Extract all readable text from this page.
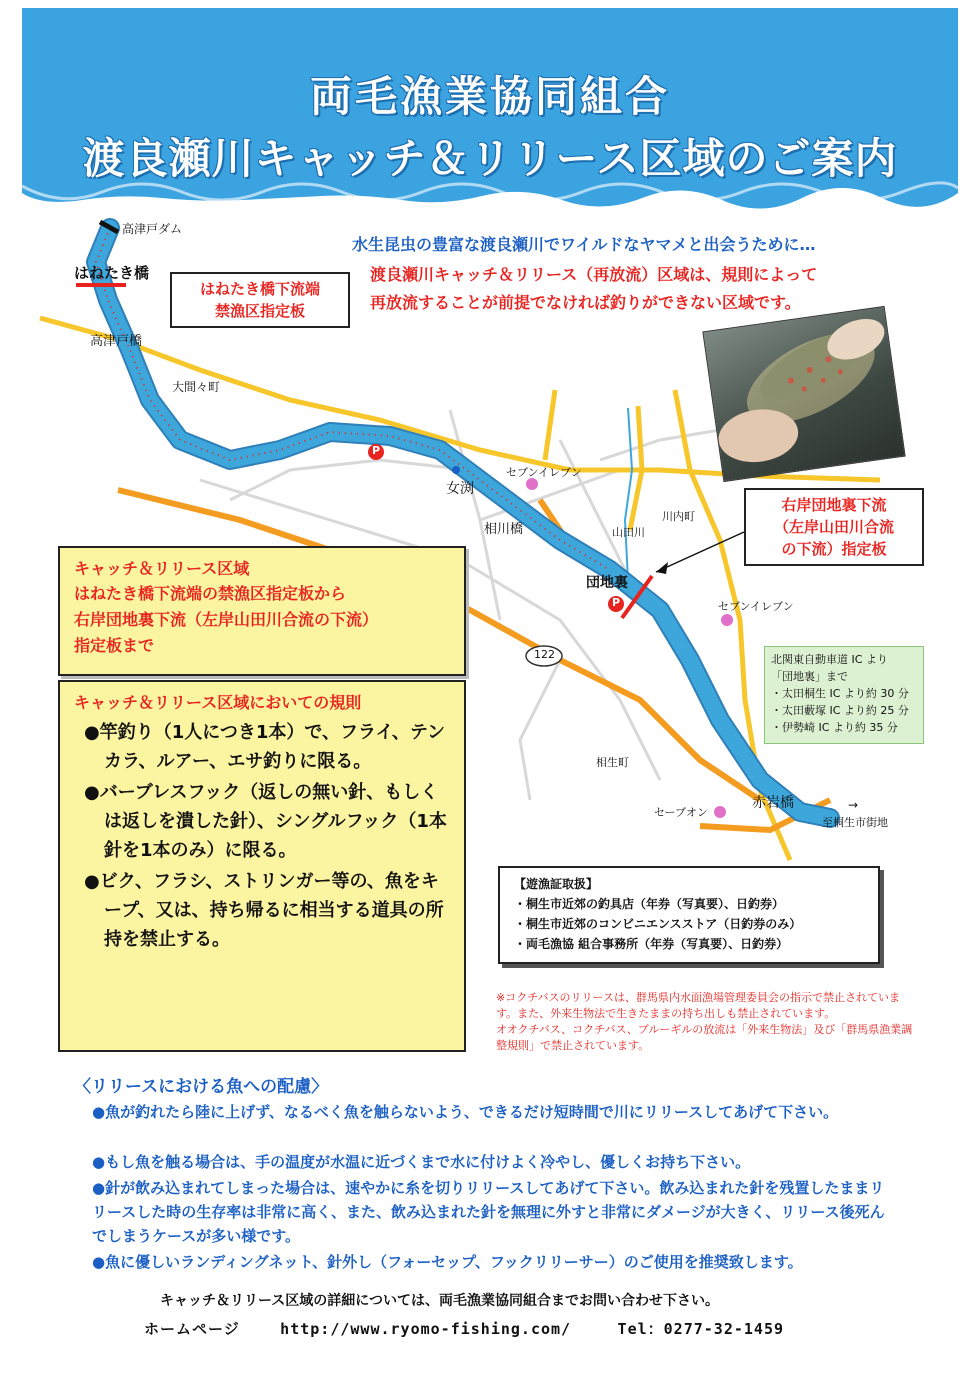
両毛漁業協同組合
渡良瀬川キャッチ＆リリース区域のご案内
水生昆虫の豊富な渡良瀬川でワイルドなヤマメと出会うために…
渡良瀬川キャッチ＆リリース（再放流）区域は、規則によって
再放流することが前提でなければ釣りができない区域です。
P
P
122
高津戸ダム
はねたき橋
高津戸橋
大間々町
女渕
セブンイレブン
相川橋	山田川
川内町
団地裏
セブンイレブン
相生町
セーブオン
赤岩橋	→
至桐生市街地
はねたき橋下流端
禁漁区指定板
右岸団地裏下流
（左岸山田川合流
の下流）指定板
北関東自動車道 IC より
「団地裏」まで
・太田桐生 IC より約 30 分
・太田藪塚 IC より約 25 分
・伊勢崎 IC より約 35 分
キャッチ＆リリース区域
はねたき橋下流端の禁漁区指定板から
右岸団地裏下流（左岸山田川合流の下流）
指定板まで
キャッチ＆リリース区域においての規則
●竿釣り（1人につき1本）で、フライ、テンカラ、ルアー、エサ釣りに限る。
●バーブレスフック（返しの無い針、もしくは返しを潰した針）、シングルフック（1本針を1本のみ）に限る。
●ビク、フラシ、ストリンガー等の、魚をキープ、又は、持ち帰るに相当する道具の所持を禁止する。
【遊漁証取扱】
・桐生市近郊の釣具店（年券（写真要）、日釣券）
・桐生市近郊のコンビニエンスストア（日釣券のみ）
・両毛漁協 組合事務所（年券（写真要）、日釣券）
※コクチバスのリリースは、群馬県内水面漁場管理委員会の指示で禁止されています。また、外来生物法で生きたままの持ち出しも禁止されています。
オオクチバス、コクチバス、ブルーギルの放流は「外来生物法」及び「群馬県漁業調整規則」で禁止されています。
〈リリースにおける魚への配慮〉
●魚が釣れたら陸に上げず、なるべく魚を触らないよう、できるだけ短時間で川にリリースしてあげて下さい。
●もし魚を触る場合は、手の温度が水温に近づくまで水に付けよく冷やし、優しくお持ち下さい。
●針が飲み込まれてしまった場合は、速やかに糸を切りリリースしてあげて下さい。飲み込まれた針を残置したままリリースした時の生存率は非常に高く、また、飲み込まれた針を無理に外すと非常にダメージが大きく、リリース後死んでしまうケースが多い様です。
●魚に優しいランディングネット、針外し（フォーセップ、フックリリーサー）のご使用を推奨致します。
キャッチ＆リリース区域の詳細については、両毛漁業協同組合までお問い合わせ下さい。
ホームページ	http://www.ryomo-fishing.com/	Tel：0277-32-1459
